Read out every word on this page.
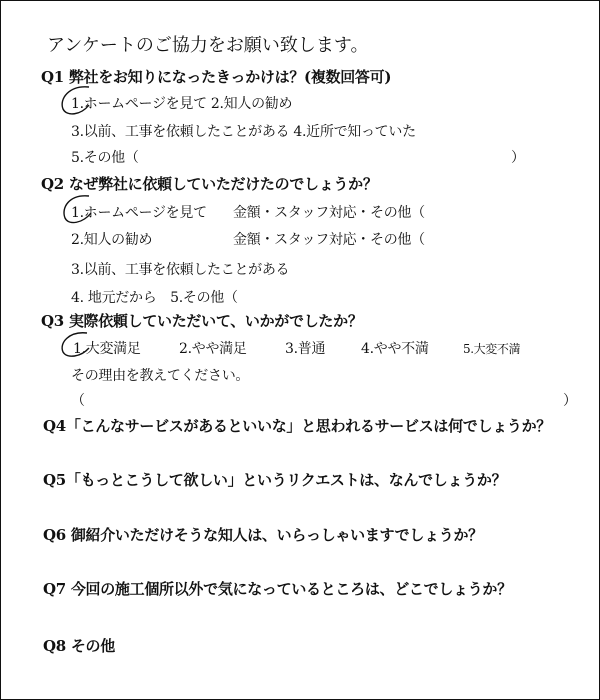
アンケートのご協力をお願い致します。
Q1 弊社をお知りになったきっかけは？(複数回答可)
1.ホームページを見て 2.知人の勧め
3.以前、工事を依頼したことがある 4.近所で知っていた
5.その他（	）
Q2 なぜ弊社に依頼していただけたのでしょうか？
1.ホームページを見て 金額・スタッフ対応・その他（
2.知人の勧め	金額・スタッフ対応・その他（
3.以前、工事を依頼したことがある
4. 地元だから　5.その他（
Q3 実際依頼していただいて、いかがでしたか？
1.大変満足	2.やや満足	3.普通	4.やや不満	5.大変不満
その理由を教えてください。
（	）
Q4「こんなサービスがあるといいな」と思われるサービスは何でしょうか？
Q5「もっとこうして欲しい」というリクエストは、なんでしょうか？
Q6 御紹介いただけそうな知人は、いらっしゃいますでしょうか？
Q7 今回の施工個所以外で気になっているところは、どこでしょうか？
Q8 その他
